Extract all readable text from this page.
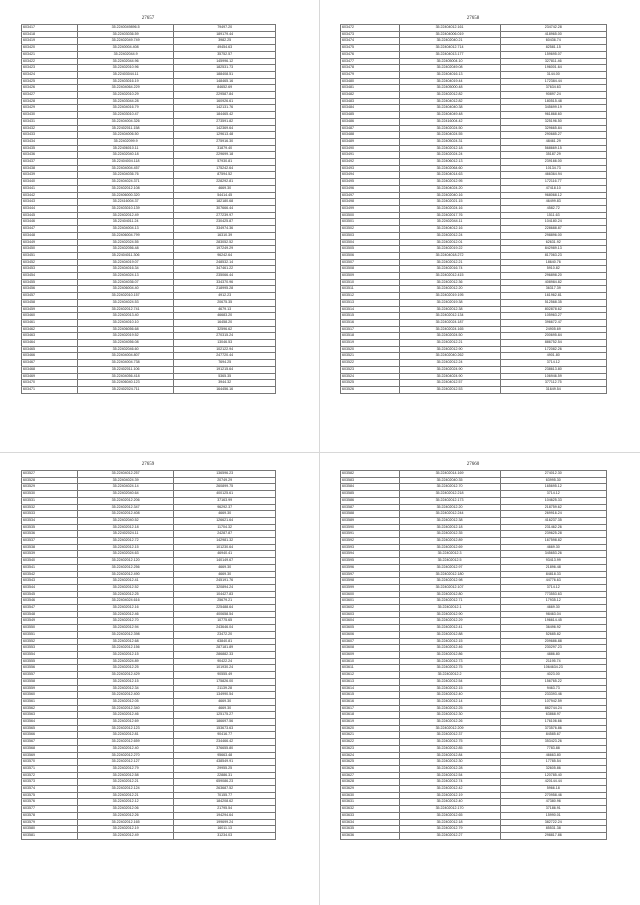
27657
603417	35.2240049896.5	79497.20
603418	35.22403036.59	189179.44
603419	35.22402049.749	3982.25
603420	35.2240004.408	49454.63
603421	35.22402044.9	35752.57
603422	35.22402044.96	145996.12
603423	35.22402010.96	182531.73
603424	35.22403044.11	188408.51
603425	35.22403016.19	148465.16
603426	35.22404064.229	84652.69
603427	35.22402010.29	229587.84
603428	35.22403044.28	160926.61
603429	35.22404016.79	142131.76
603430	35.22403010.47	184465.42
603431	35.22404004.326	273591.82
603432	35.22402011.158	142369.64
603433	35.22404006.50	129613.48
603434	35.22402099.9	275916.30
603435	35.22406010.11	31879.40
603436	35.22402040.18	229699.18
603437	35.22404004.118	57930.81
603438	35.22404004.457	175242.64
603439	35.22404036.76	87594.52
603440	35.22404024.371	228292.81
603441	35.22402012.108	4669.30
603442	35.22406000.320	54414.45
603443	35.22416004.37	182180.68
603444	35.22403010.139	307666.44
603445	35.22402012.49	277239.97
603446	35.22404011.24	230425.87
603447	35.22404004.13	334974.36
603448	35.22406004.799	16310.39
603449	35.22402024.55	283052.52
603450	35.22402056.48	197249.29
603451	35.22404011.306	96242.64
603452	35.22404019.07	248532.14
603453	35.22404016.34	347461.22
603454	35.22404024.13	235066.44
603455	35.22404036.07	334370.96
603456	35.22406004.40	218995.28
603457	35.22402010.157	4912.23
603458	35.22404024.53	20675.35
603459	35.22402012.741	4679.13
603460	35.22402013.40	46683.20
603461	35.22404010.10	16458.20
603462	35.22406056.68	32596.62
603463	35.22402019.52	270315.24
603464	35.22404056.08	13046.53
603465	35.22402046.60	102122.94
603466	35.22404004.807	247720.44
603467	35.22404004.738	7694.25
603468	35.22402011.106	191215.64
603469	35.22404056.418	5365.35
603470	35.22406040.123	3944.32
603471	35.22402024.711	164456.16
27658
603472	35.22404012.161	234742.28
603473	35.22404006.019	418965.00
603474	35.22402040.21	60436.74
603475	35.22404012.714	82581.15
603476	35.22404013.177	159695.07
603477	35.22405004.10	327811.46
603478	35.22402049.08	196001.64
603479	35.22404016.13	3144.00
603480	35.22404019.44	172384.44
603481	35.22405000.48	37634.63
603482	35.22402012.82	90897.24
603483	35.22404012.82	180515.48
603484	35.22404040.38	345699.19
603485	35.22404049.48	961868.60
603486	35.22416004.42	325196.50
603487	35.22402024.50	329665.84
603488	35.22404024.55	290685.27
603489	35.22405024.31	48461.29
603490	35.22402012.18	568669.15
603491	35.22402024.24	35187.29
603492	35.22406012.13	239166.00
603493	35.22402064.60	10134.73
603494	35.22404014.63	466364.94
603495	35.22402012.95	172116.77
603496	35.22404024.20	47418.10
603497	35.22402040.16	968068.12
603498	35.22402021.15	46499.83
603499	35.22402024.16	4582.72
603500	35.22402017.76	1511.63
603501	35.22402044.11	104180.24
603502	35.22404012.16	228688.87
603503	35.22402012.24	298896.00
603504	35.22402012.01	62631.92
603505	35.22402019.22	842989.13
603506	35.22404018.272	817063.23
603507	35.22402012.21	18640.76
603508	35.22402016.74	5910.82
603509	35.22402012.415	296898.20
603510	35.22402012.36	408984.82
603511	35.22402012.20	36317.39
603512	35.22402019.195	161962.81
603513	35.22402019.38	512568.35
603514	35.22402012.38	802878.62
603515	35.22402012.134	105963.27
603516	35.22402024.187	396672.47
603517	35.22402024.165	24905.69
603518	35.22402024.50	200695.84
603519	35.22402012.21	886752.54
603520	35.22402012.90	172082.26
603521	35.22402040.262	4901.80
603522	35.22402012.24	3714.12
603523	35.22402024.90	238613.80
603524	35.22404024.90	106946.59
603525	35.22404012.57	377112.75
603526	35.22402012.53	31649.54
27659
603527	35.22404012.257	136596.23
603528	35.22404024.39	20749.29
603529	35.22404024.14	260899.75
603530	35.22402040.64	400125.61
603531	35.22402012.206	37163.99
603532	35.22402012.347	96292.37
603533	35.22402012.408	4669.30
603534	35.22402040.52	126621.64
603535	35.22402012.18	11704.32
603536	35.22402024.11	24287.87
603537	35.22402012.72	142981.32
603538	35.22402012.15	101230.64
603539	35.22402024.63	46940.41
603540	35.22402012.120	140149.67
603541	35.22402012.256	4669.30
603542	35.22402012.490	4669.30
603543	35.22402012.41	245191.76
603544	35.22402012.52	320894.24
603545	35.22402012.25	104427.83
603546	35.22404024.616	25679.21
603547	35.22402012.16	225488.64
603548	35.22402012.46	400658.54
603549	35.22402012.70	10775.65
603550	35.22402012.94	243646.04
603551	35.22402012.398	23472.20
603552	35.22402012.68	63840.81
603553	35.22402012.156	287181.89
603554	35.22402012.15	286882.33
603555	35.22402024.89	90422.24
603556	35.22402012.25	101930.24
603557	35.22402012.429	90555.49
603558	35.22402012.15	175826.00
603559	35.22402012.34	21139.28
603560	35.22402012.400	134990.54
603561	35.22402012.05	4669.30
603562	35.22402012.340	4669.30
603563	35.22402012.46	125175.27
603564	35.22402012.69	186697.56
603565	35.22402012.123	153673.63
603566	35.22402012.81	90416.77
603567	35.22402012.659	234466.42
603568	35.22402012.40	376655.80
603569	35.22402012.270	95663.48
603570	35.22402012.127	438549.91
603571	35.22402012.79	29955.25
603572	35.22402012.58	22886.31
603573	35.22402012.21	659086.23
603574	35.22402012.124	263687.52
603575	35.22402012.21	70155.77
603576	35.22402012.12	184208.62
603577	35.22402012.06	21795.54
603578	35.22402012.26	194294.64
603579	35.22402012.165	199699.24
603580	35.22402012.19	16011.13
603581	35.22402012.49	31234.03
27660
603582	35.22402014.169	274012.30
603583	35.22402040.35	63995.30
603584	35.22402012.70	165695.12
603585	35.22402012.218	3714.12
603586	35.22402012.173	104625.33
603587	35.22402012.20	218759.62
603588	35.22402012.244	269916.24
603589	35.22402012.38	416237.35
603590	35.22402012.18	231462.26
603591	35.22402012.35	239625.28
603592	35.22402012.89	167598.82
603593	35.22402012.69	4669.30
603594	35.22402012.3	345653.26
603595	35.22402012.5	93413.99
603596	35.22402012.97	21896.48
603597	35.22402012.180	84818.33
603598	35.22402012.98	44776.63
603599	35.22402012.107	3714.12
603600	35.22402012.80	773553.63
603601	35.22402012.71	17935.12
603602	35.22402012.1	4669.30
603603	35.22402012.90	98463.04
603604	35.22402012.29	196614.45
603605	35.22402012.41	36496.92
603606	35.22402012.88	52685.82
603607	35.22402012.15	209686.88
603608	35.22402012.46	230297.23
603609	35.22402012.86	4886.80
603610	35.22402012.73	21195.74
603611	35.22402012.75	1064634.23
603612	35.22402012.2	4023.00
603613	35.22402012.54	156765.22
603614	35.22402012.15	9463.73
603615	35.22402012.40	233393.46
603616	35.22402012.14	107942.59
603617	35.22402012.25	882744.24
603618	35.22402012.30	63868.97
603619	35.22402012.26	176106.66
603620	35.22402012.209	373576.86
603621	35.22402012.37	84585.67
603622	35.22402012.75	353423.26
603623	35.22402012.85	7783.88
603624	35.22402012.84	46663.80
603625	35.22402012.30	17785.54
603626	35.22402012.28	32605.86
603627	35.22402012.54	120785.40
603628	35.22402012.74	420144.44
603629	35.22402012.42	5966.18
603630	35.22402012.19	270958.46
603631	35.22402012.40	47380.96
603632	35.22402012.170	37186.91
603633	35.22402012.65	15990.01
603634	35.22402012.18	382722.24
603635	35.22402012.79	85531.38
603636	35.22402012.27	298817.86
